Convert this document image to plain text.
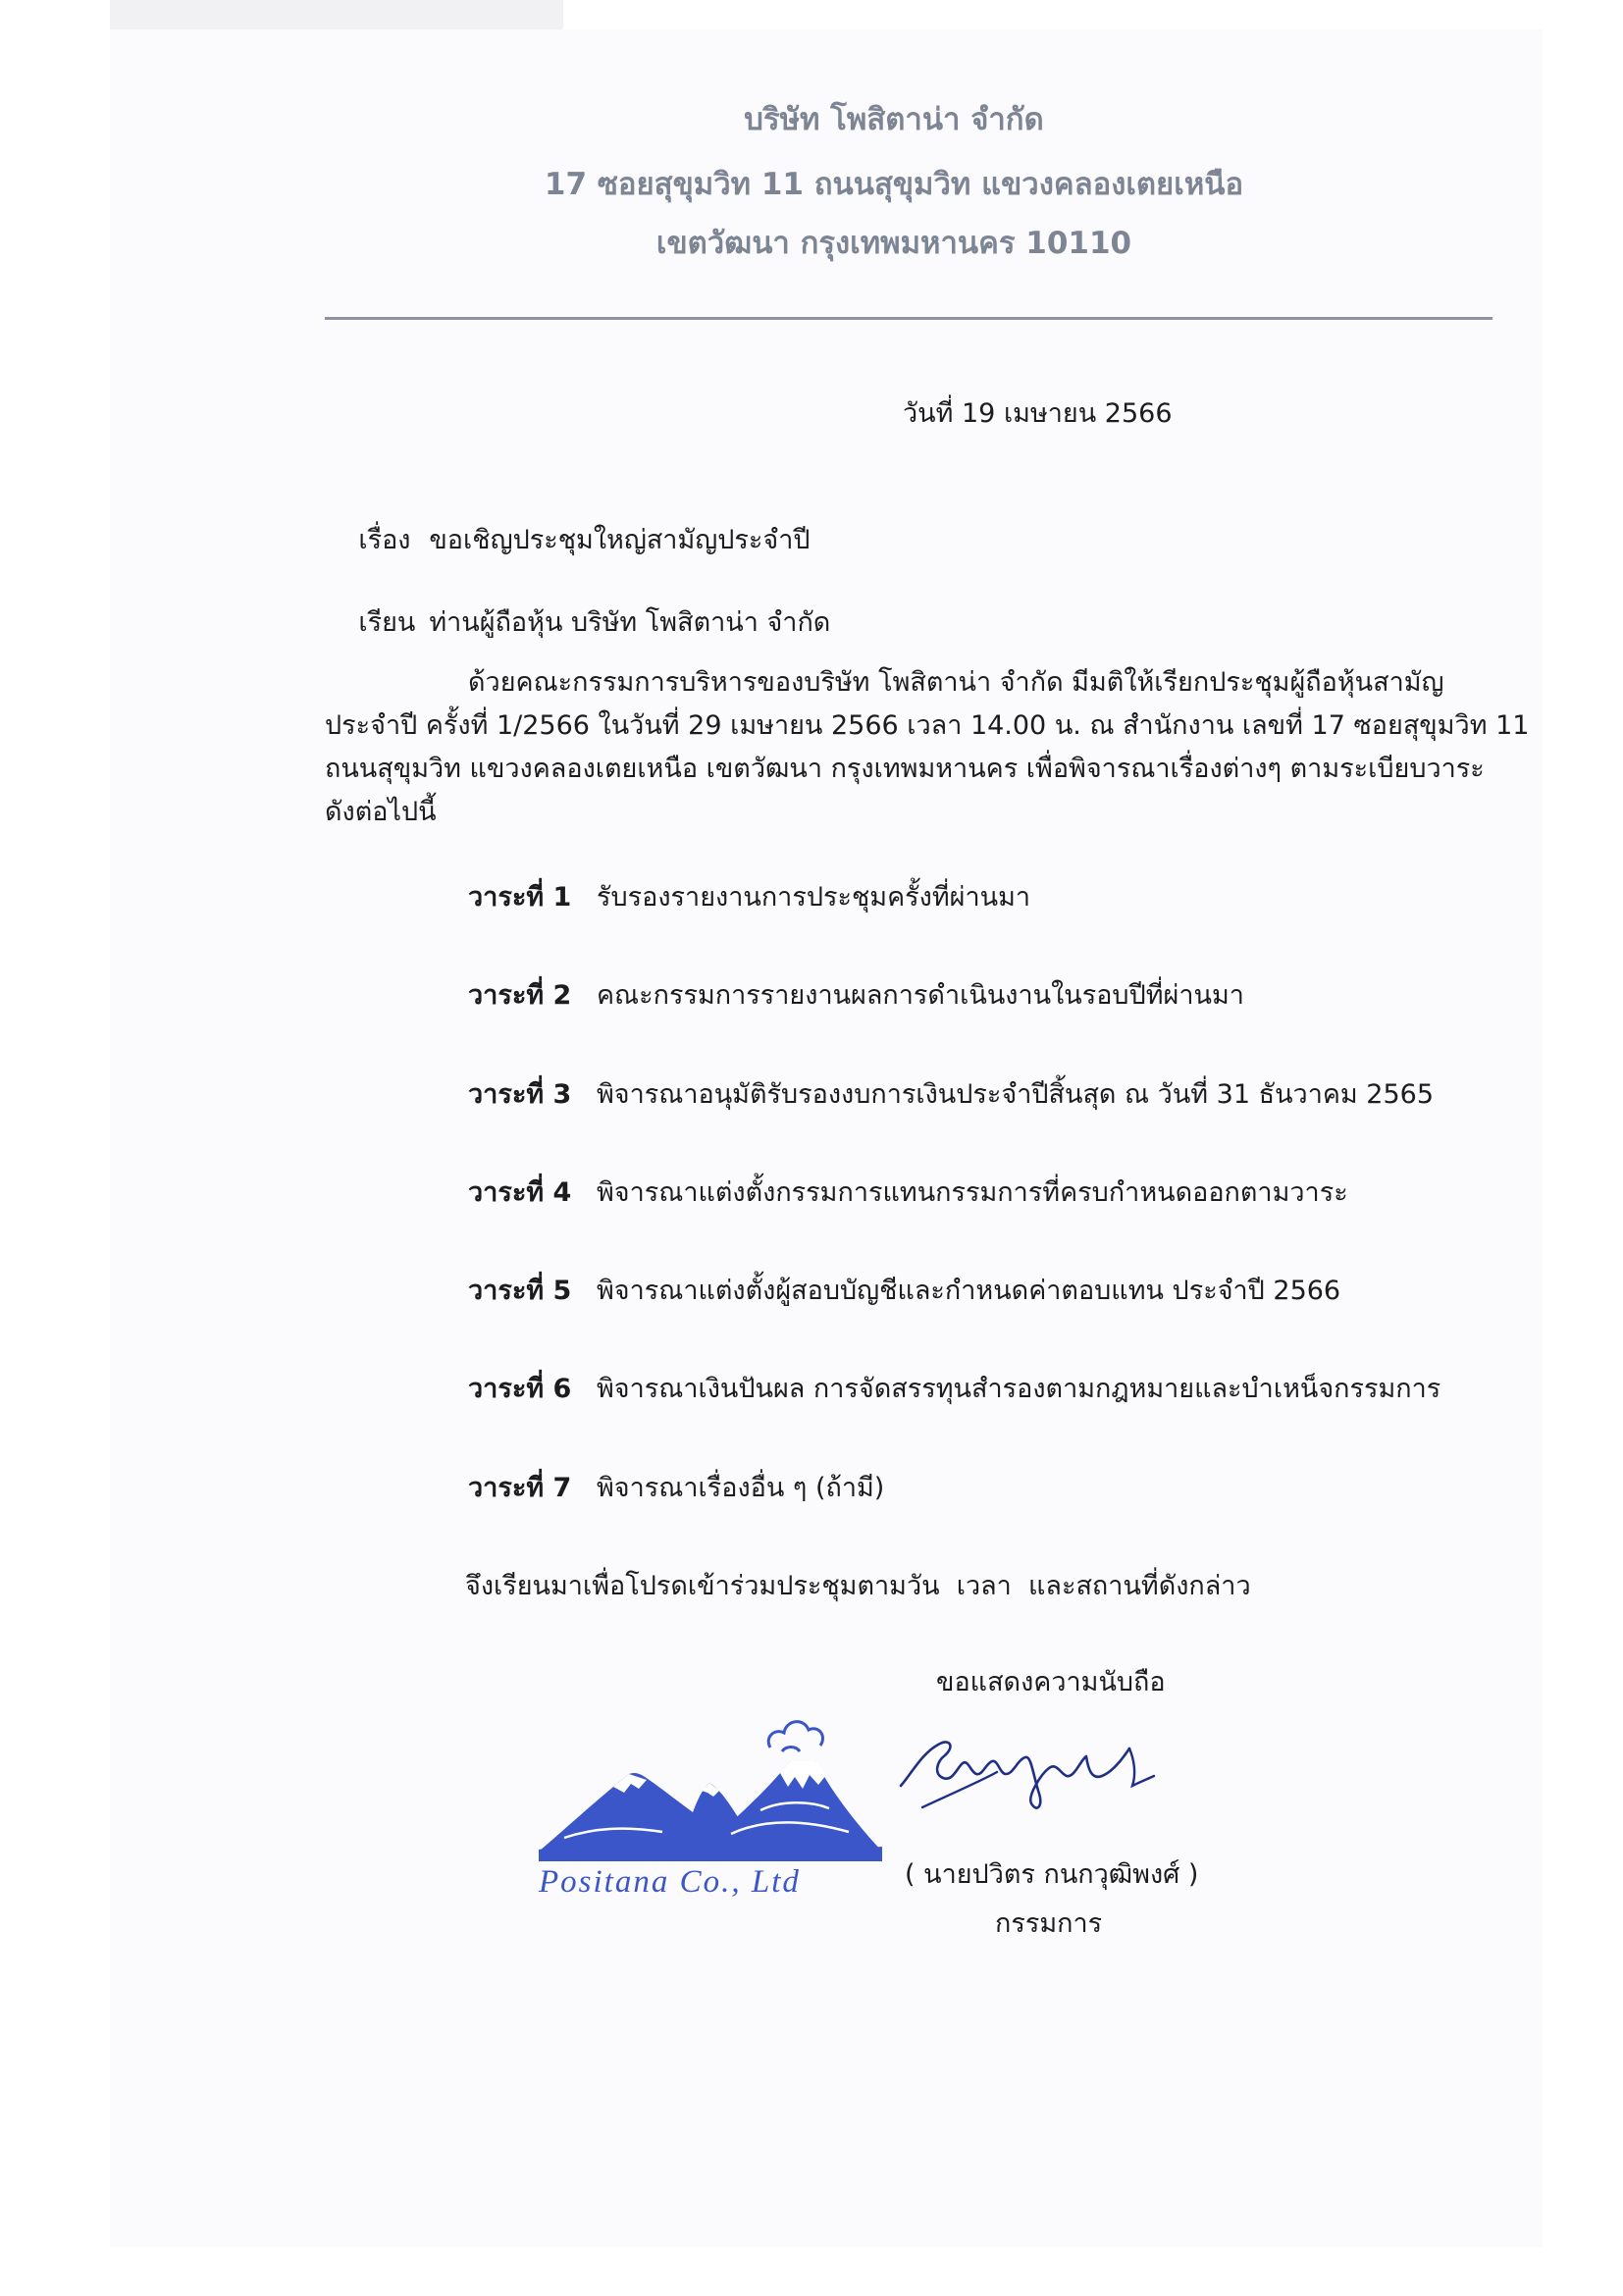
บริษัท โพสิตาน่า จำกัด
17 ซอยสุขุมวิท 11 ถนนสุขุมวิท แขวงคลองเตยเหนือ
เขตวัฒนา กรุงเทพมหานคร 10110
วันที่ 19 เมษายน 2566

เรื่อง ขอเชิญประชุมใหญ่สามัญประจำปี

เรียน ท่านผู้ถือหุ้น บริษัท โพสิตาน่า จำกัด

ด้วยคณะกรรมการบริหารของบริษัท โพสิตาน่า จำกัด มีมติให้เรียกประชุมผู้ถือหุ้นสามัญ
ประจำปี ครั้งที่ 1/2566 ในวันที่ 29 เมษายน 2566 เวลา 14.00 น. ณ สำนักงาน เลขที่ 17 ซอยสุขุมวิท 11
ถนนสุขุมวิท แขวงคลองเตยเหนือ เขตวัฒนา กรุงเทพมหานคร เพื่อพิจารณาเรื่องต่างๆ ตามระเบียบวาระ
ดังต่อไปนี้
วาระที่ 1 รับรองรายงานการประชุมครั้งที่ผ่านมา
วาระที่ 2 คณะกรรมการรายงานผลการดำเนินงานในรอบปีที่ผ่านมา
วาระที่ 3 พิจารณาอนุมัติรับรองงบการเงินประจำปีสิ้นสุด ณ วันที่ 31 ธันวาคม 2565
วาระที่ 4 พิจารณาแต่งตั้งกรรมการแทนกรรมการที่ครบกำหนดออกตามวาระ
วาระที่ 5 พิจารณาแต่งตั้งผู้สอบบัญชีและกำหนดค่าตอบแทน ประจำปี 2566
วาระที่ 6 พิจารณาเงินปันผล การจัดสรรทุนสำรองตามกฎหมายและบำเหน็จกรรมการ
วาระที่ 7 พิจารณาเรื่องอื่น ๆ (ถ้ามี)
จึงเรียนมาเพื่อโปรดเข้าร่วมประชุมตามวัน  เวลา  และสถานที่ดังกล่าว
ขอแสดงความนับถือ
Positana Co., Ltd	( นายปวิตร กนกวุฒิพงศ์ )
กรรมการ
